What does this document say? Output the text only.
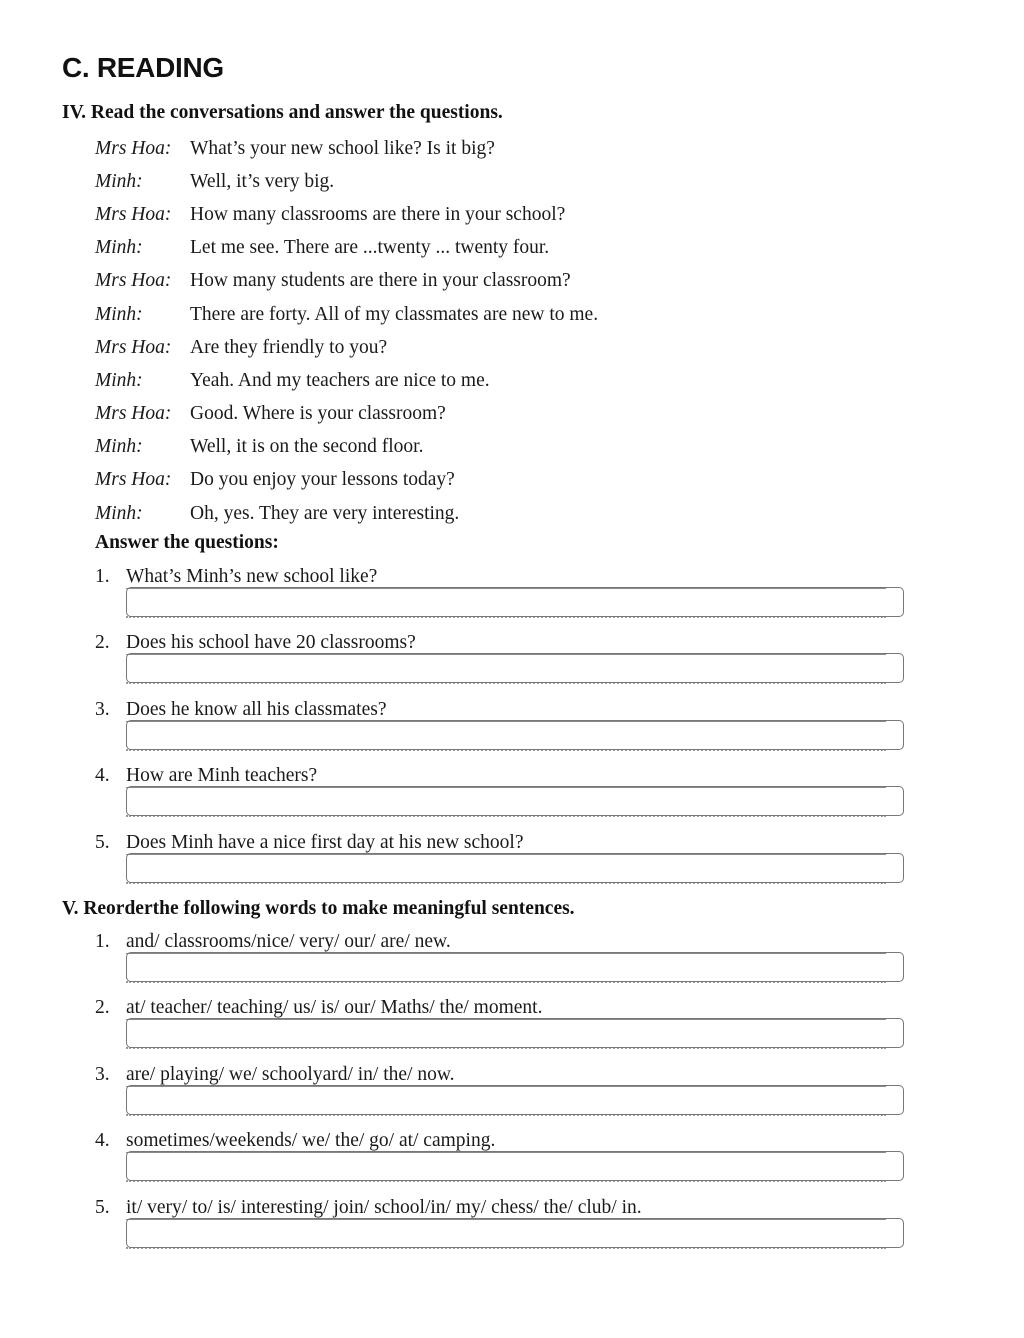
C. READING
IV. Read the conversations and answer the questions.
Mrs Hoa: What’s your new school like? Is it big?
Minh:	Well, it’s very big.
Mrs Hoa: How many classrooms are there in your school?
Minh:	Let me see. There are ...twenty ... twenty four.
Mrs Hoa: How many students are there in your classroom?
Minh:	There are forty. All of my classmates are new to me.
Mrs Hoa: Are they friendly to you?
Minh:	Yeah. And my teachers are nice to me.
Mrs Hoa: Good. Where is your classroom?
Minh:	Well, it is on the second floor.
Mrs Hoa: Do you enjoy your lessons today?
Minh:	Oh, yes. They are very interesting.
Answer the questions:
1. What’s Minh’s new school like?
2. Does his school have 20 classrooms?
3. Does he know all his classmates?
4. How are Minh teachers?
5. Does Minh have a nice first day at his new school?
V. Reorderthe following words to make meaningful sentences.
1. and/ classrooms/nice/ very/ our/ are/ new.
2. at/ teacher/ teaching/ us/ is/ our/ Maths/ the/ moment.
3. are/ playing/ we/ schoolyard/ in/ the/ now.
4. sometimes/weekends/ we/ the/ go/ at/ camping.
5. it/ very/ to/ is/ interesting/ join/ school/in/ my/ chess/ the/ club/ in.
